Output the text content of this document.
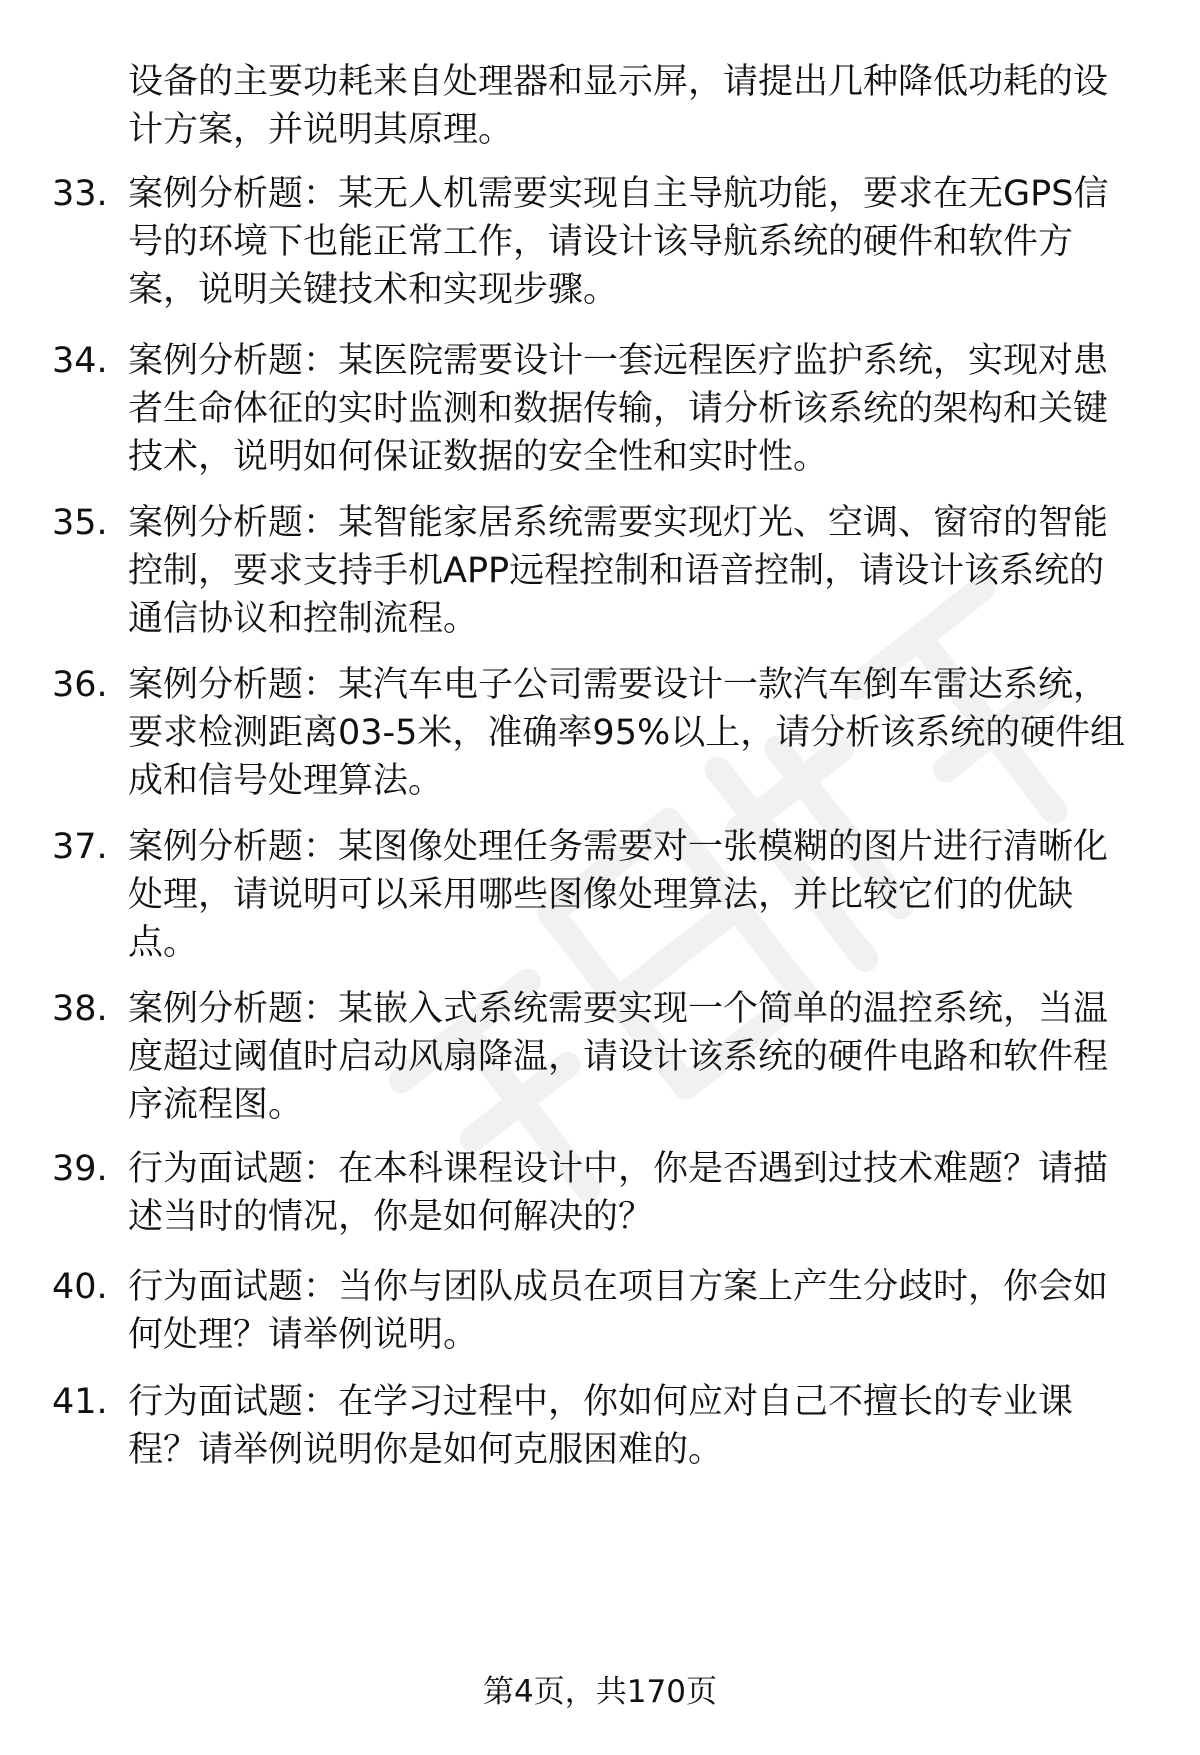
设备的主要功耗来自处理器和显示屏，请提出几种降低功耗的设计方案，并说明其原理。

33. 案例分析题：某无人机需要实现自主导航功能，要求在无GPS信号的环境下也能正常工作，请设计该导航系统的硬件和软件方案，说明关键技术和实现步骤。
34. 案例分析题：某医院需要设计一套远程医疗监护系统，实现对患者生命体征的实时监测和数据传输，请分析该系统的架构和关键技术，说明如何保证数据的安全性和实时性。
35. 案例分析题：某智能家居系统需要实现灯光、空调、窗帘的智能控制，要求支持手机APP远程控制和语音控制，请设计该系统的通信协议和控制流程。
36. 案例分析题：某汽车电子公司需要设计一款汽车倒车雷达系统，要求检测距离03-5米，准确率95%以上，请分析该系统的硬件组成和信号处理算法。
37. 案例分析题：某图像处理任务需要对一张模糊的图片进行清晰化处理，请说明可以采用哪些图像处理算法，并比较它们的优缺点。
38. 案例分析题：某嵌入式系统需要实现一个简单的温控系统，当温度超过阈值时启动风扇降温，请设计该系统的硬件电路和软件程序流程图。
39. 行为面试题：在本科课程设计中，你是否遇到过技术难题？请描述当时的情况，你是如何解决的？
40. 行为面试题：当你与团队成员在项目方案上产生分歧时，你会如何处理？请举例说明。
41. 行为面试题：在学习过程中，你如何应对自己不擅长的专业课程？请举例说明你是如何克服困难的。
第4页，共170页
